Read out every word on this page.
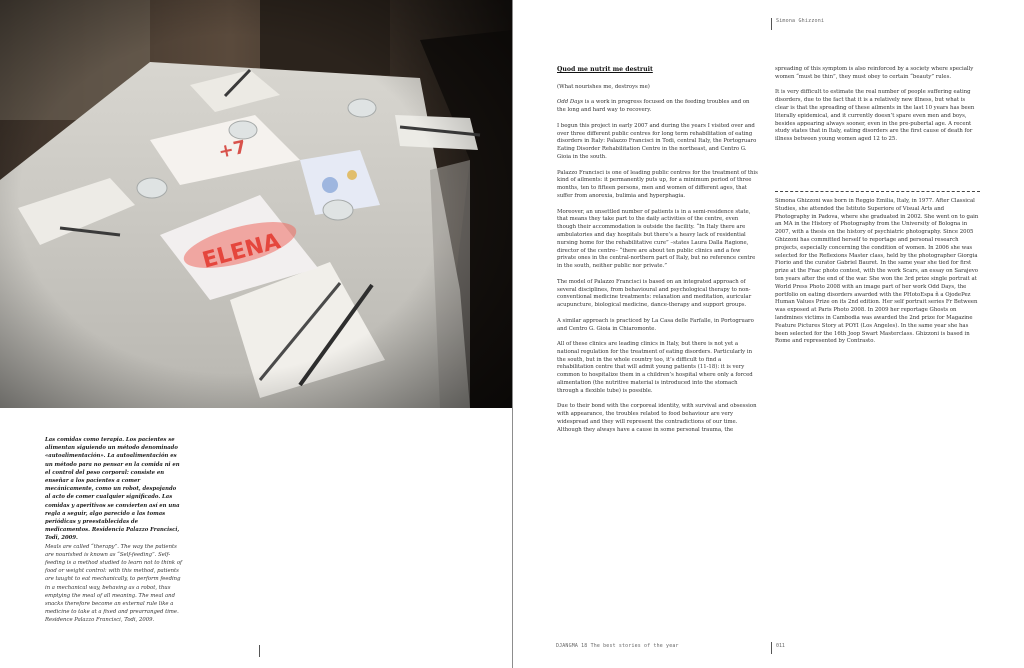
Las comidas como terapia. Los pacientes se alimentan siguiendo un método denominado «autoalimentación». La autoalimentación es un método para no pensar en la comida ni en el control del peso corporal: consiste en enseñar a los pacientes a comer mecánicamente, como un robot, despojando al acto de comer cualquier significado. Las comidas y aperitivos se convierten así en una regla a seguir, algo parecido a las tomas periódicas y preestablecidas de medicamentos. Residencia Palazzo Francisci, Todi, 2009.

Meals are called “therapy”. The way the patients are nourished is known as “Self-feeding”. Self-feeding is a method studied to learn not to think of food or weight control: with this method, patients are taught to eat mechanically, to perform feeding in a mechanical way, behaving as a robot, thus emptying the meal of all meaning. The meal and snacks therefore become an external rule like a medicine to take at a fixed and prearranged time. Residence Palazzo Francisci, Todi, 2009.

Simona Ghizzoni
Quod me nutrit me destruit

(What nourishes me, destroys me)

Odd Days is a work in progress focused on the feeding troubles and on the long and hard way to recovery.

I begun this project in early 2007 and during the years I visited over and over three different public centres for long term rehabilitation of eating disorders in Italy: Palazzo Francisci in Todi, central Italy, the Portogruaro Eating Disorder Rehabilitation Centre in the northeast, and Centro G. Gioia in the south.

Palazzo Francisci is one of leading public centres for the treatment of this kind of ailments: it permanently puts up, for a minimum period of three months, ten to fifteen persons, men and women of different ages, that suffer from anorexia, bulimia and hyperphagia.

Moreover, an unsettled number of patients is in a semi-residence state, that means they take part to the daily activities of the centre, even though their accommodation is outside the facility. “In Italy there are ambulatories and day hospitals but there’s a heavy lack of residential nursing home for the rehabilitative cure” –states Laura Dalla Ragione, director of the centre– “there are about ten public clinics and a few private ones in the central-northern part of Italy, but no reference centre in the south, neither public nor private.”

The model of Palazzo Francisci is based on an integrated approach of several disciplines, from behavioural and psychological therapy to non-conventional medicine treatments: relaxation and meditation, auricular acupuncture, biological medicine, dance-therapy and support groups.

A similar approach is practiced by La Casa delle Farfalle, in Portogruaro and Centro G. Gioia in Chiaromonte.

All of these clinics are leading clinics in Italy, but there is not yet a national regulation for the treatment of eating disorders. Particularly in the south, but in the whole country too, it’s difficult to find a rehabilitation centre that will admit young patients (11-18): it is very common to hospitalize them in a children’s hospital where only a forced alimentation (the nutritive material is introduced into the stomach through a flexible tube) is possible.

Due to their bond with the corporeal identity, with survival and obsession with appearance, the troubles related to food behaviour are very widespread and they will represent the contradictions of our time. Although they always have a cause in some personal trauma, the

spreading of this symptom is also reinforced by a society where specially women “must be thin”, they must obey to certain “beauty” rules.

It is very difficult to estimate the real number of people suffering eating disorders, due to the fact that it is a relatively new illness, but what is clear is that the spreading of these ailments in the last 10 years has been literally epidemical, and it currently doesn’t spare even men and boys, besides appearing always sooner, even in the pre-pubertal age. A recent study states that in Italy, eating disorders are the first cause of death for illness between young women aged 12 to 25.

Simona Ghizzoni was born in Reggio Emilia, Italy, in 1977. After Classical Studies, she attended the Istituto Superiore of Visual Arts and Photography in Padova, where she graduated in 2002. She went on to gain an MA in the History of Photography from the University of Bologna in 2007, with a thesis on the history of psychiatric photography. Since 2005 Ghizzoni has committed herself to reportage and personal research projects, especially concerning the condition of women. In 2006 she was selected for the Reflexions Master class, held by the photographer Giorgia Fiorio and the curator Gabriel Bauret. In the same year she tied for first prize at the Fnac photo contest, with the work Scars, an essay on Sarajevo ten years after the end of the war. She won the 3rd prize single portrait at World Press Photo 2008 with an image part of her work Odd Days, the portfolio on eating disorders awarded with the PHotoEspa ñ a OjodePez Human Values Prize on its 2nd edition. Her self portrait series Fr Between was exposed at Paris Photo 2008. In 2009 her reportage Ghosts on landmines victims in Cambodia was awarded the 2nd prize for Magazine Feature Pictures Story at POYI (Los Angeles). In the same year she has been selected for the 16th Joop Swart Masterclass. Ghizzoni is based in Rome and represented by Contrasto.
DJANGMA 18 The best stories of the year	011
